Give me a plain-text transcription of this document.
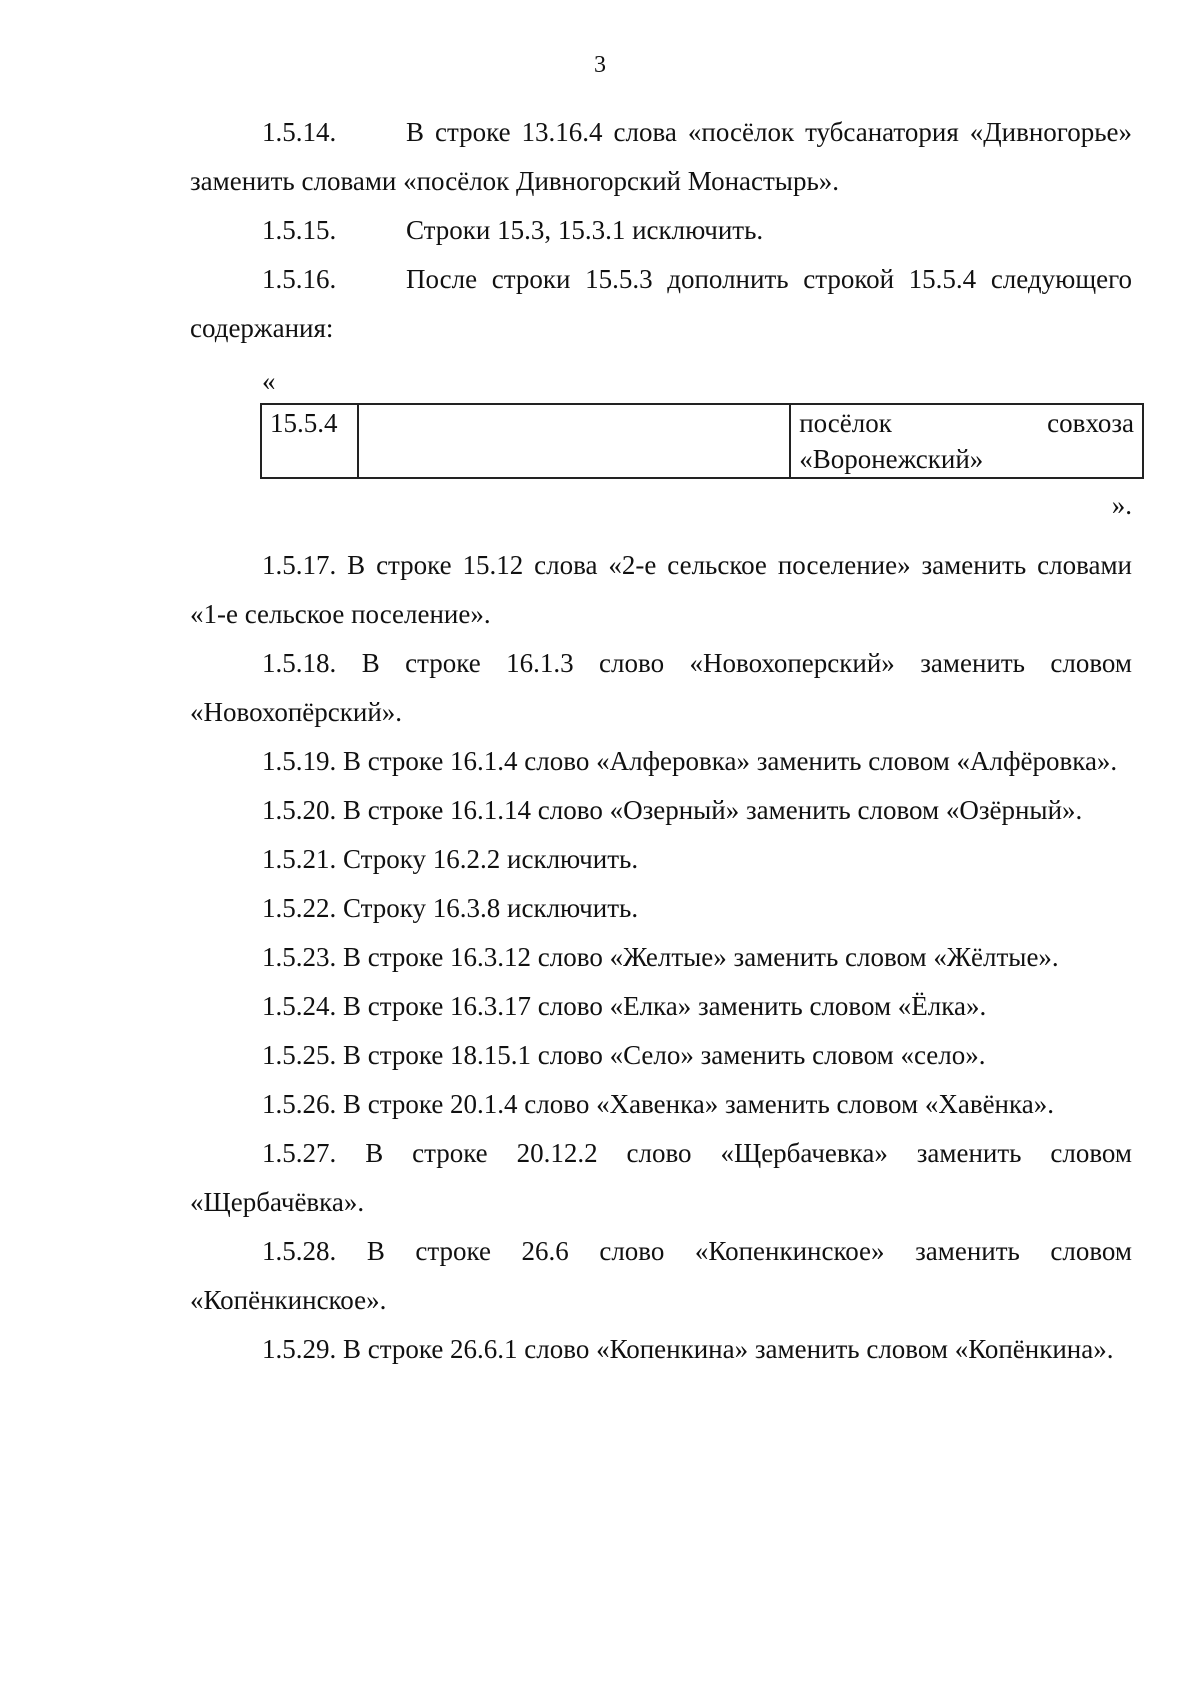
3

1.5.14.	В строке 13.16.4 слова «посёлок тубсанатория «Дивногорье» заменить словами «посёлок Дивногорский Монастырь».

1.5.15.	Строки 15.3, 15.3.1 исключить.

1.5.16.	После строки 15.5.3 дополнить строкой 15.5.4 следующего содержания:

«
15.5.4		посёлок совхоза «Воронежский»
».

1.5.17. В строке 15.12 слова «2-е сельское поселение» заменить словами «1-е сельское поселение».

1.5.18. В строке 16.1.3 слово «Новохоперский» заменить словом «Новохопёрский».

1.5.19. В строке 16.1.4 слово «Алферовка» заменить словом «Алфёровка».

1.5.20. В строке 16.1.14 слово «Озерный» заменить словом «Озёрный».

1.5.21. Строку 16.2.2 исключить.

1.5.22. Строку 16.3.8 исключить.

1.5.23. В строке 16.3.12 слово «Желтые» заменить словом «Жёлтые».

1.5.24. В строке 16.3.17 слово «Елка» заменить словом «Ёлка».

1.5.25. В строке 18.15.1 слово «Село» заменить словом «село».

1.5.26. В строке 20.1.4 слово «Хавенка» заменить словом «Хавёнка».

1.5.27. В строке 20.12.2 слово «Щербачевка» заменить словом «Щербачёвка».

1.5.28. В строке 26.6 слово «Копенкинское» заменить словом «Копёнкинское».

1.5.29. В строке 26.6.1 слово «Копенкина» заменить словом «Копёнкина».
